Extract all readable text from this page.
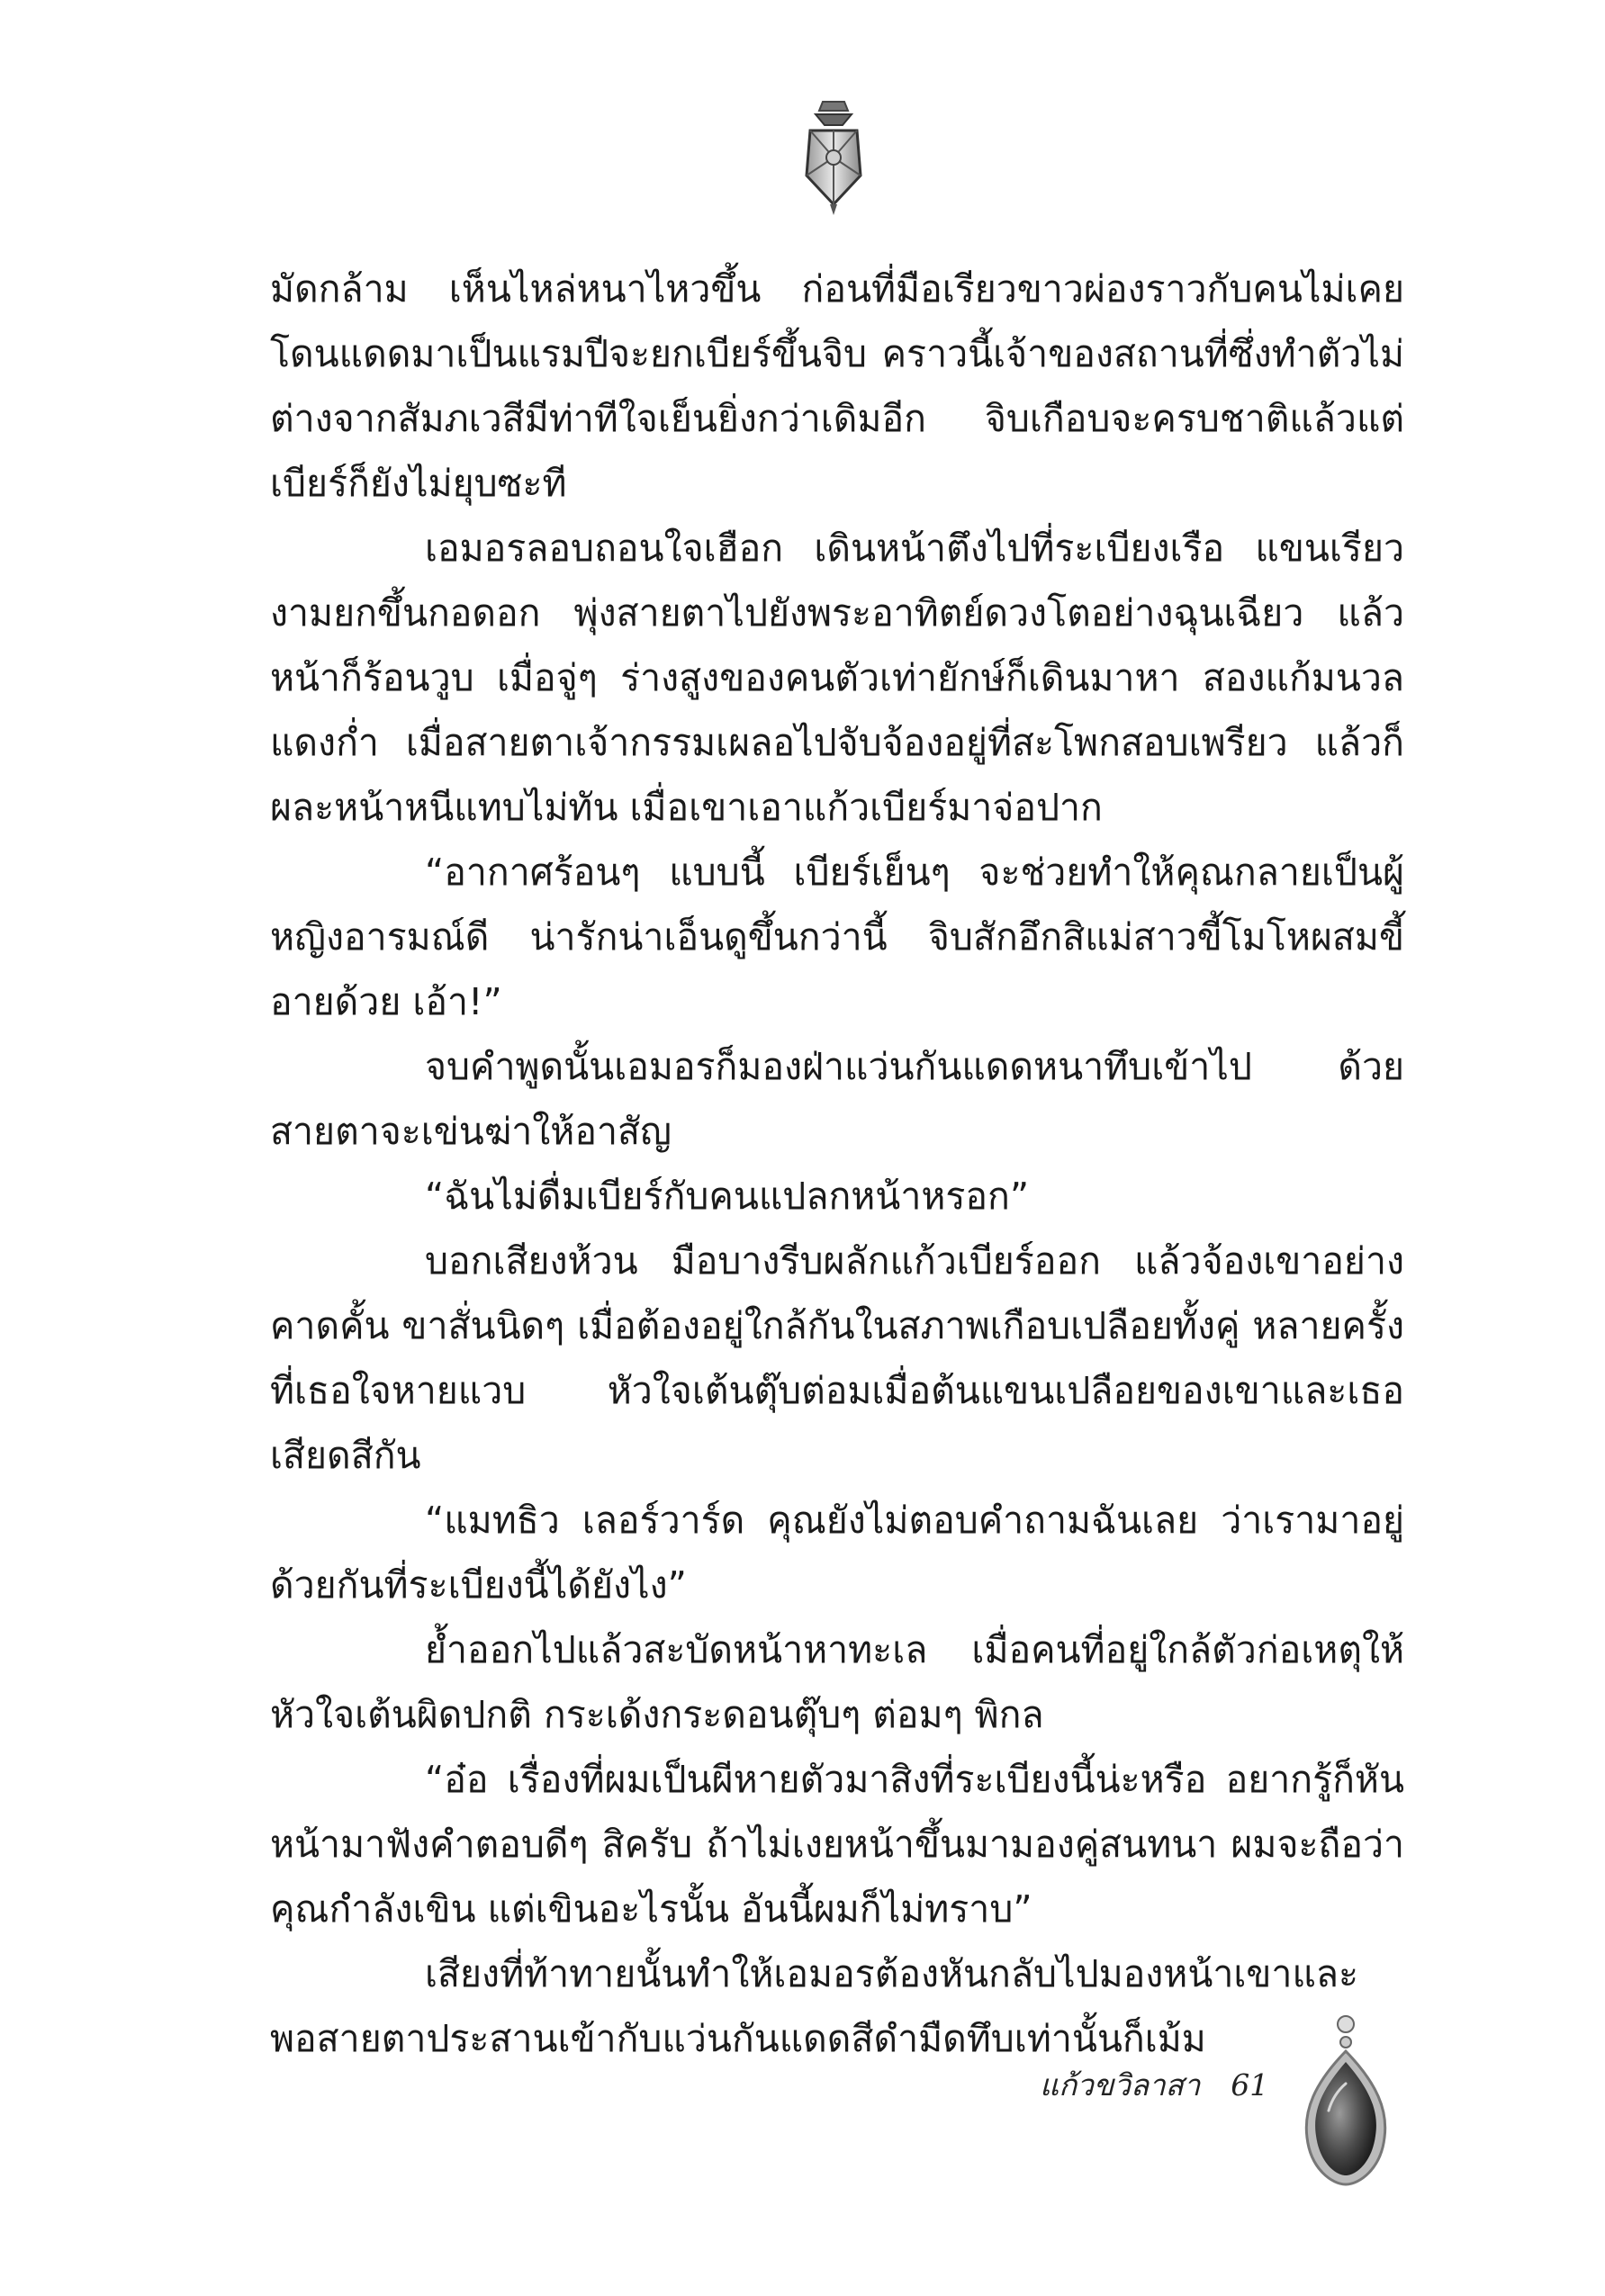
มัดกล้าม เห็นไหล่หนาไหวขึ้น ก่อนที่มือเรียวขาวผ่องราวกับคนไม่เคยโดนแดดมาเป็นแรมปีจะยกเบียร์ขึ้นจิบ คราวนี้เจ้าของสถานที่ซึ่งทำตัวไม่ต่างจากสัมภเวสีมีท่าทีใจเย็นยิ่งกว่าเดิมอีก จิบเกือบจะครบชาติแล้วแต่เบียร์ก็ยังไม่ยุบซะที

เอมอรลอบถอนใจเฮือก เดินหน้าตึงไปที่ระเบียงเรือ แขนเรียวงามยกขึ้นกอดอก พุ่งสายตาไปยังพระอาทิตย์ดวงโตอย่างฉุนเฉียว แล้วหน้าก็ร้อนวูบ เมื่อจู่ๆ ร่างสูงของคนตัวเท่ายักษ์ก็เดินมาหา สองแก้มนวลแดงก่ำ เมื่อสายตาเจ้ากรรมเผลอไปจับจ้องอยู่ที่สะโพกสอบเพรียว แล้วก็ผละหน้าหนีแทบไม่ทัน เมื่อเขาเอาแก้วเบียร์มาจ่อปาก

“อากาศร้อนๆ แบบนี้ เบียร์เย็นๆ จะช่วยทำให้คุณกลายเป็นผู้หญิงอารมณ์ดี น่ารักน่าเอ็นดูขึ้นกว่านี้ จิบสักอึกสิแม่สาวขี้โมโหผสมขี้อายด้วย เอ้า!”

จบคำพูดนั้นเอมอรก็มองฝ่าแว่นกันแดดหนาทึบเข้าไป ด้วยสายตาจะเข่นฆ่าให้อาสัญ

“ฉันไม่ดื่มเบียร์กับคนแปลกหน้าหรอก”

บอกเสียงห้วน มือบางรีบผลักแก้วเบียร์ออก แล้วจ้องเขาอย่างคาดคั้น ขาสั่นนิดๆ เมื่อต้องอยู่ใกล้กันในสภาพเกือบเปลือยทั้งคู่ หลายครั้งที่เธอใจหายแวบ หัวใจเต้นตุ๊บต่อมเมื่อต้นแขนเปลือยของเขาและเธอเสียดสีกัน

“แมทธิว เลอร์วาร์ด คุณยังไม่ตอบคำถามฉันเลย ว่าเรามาอยู่ด้วยกันที่ระเบียงนี้ได้ยังไง”

ย้ำออกไปแล้วสะบัดหน้าหาทะเล เมื่อคนที่อยู่ใกล้ตัวก่อเหตุให้หัวใจเต้นผิดปกติ กระเด้งกระดอนตุ๊บๆ ต่อมๆ พิกล

“อ๋อ เรื่องที่ผมเป็นผีหายตัวมาสิงที่ระเบียงนี้น่ะหรือ อยากรู้ก็หันหน้ามาฟังคำตอบดีๆ สิครับ ถ้าไม่เงยหน้าขึ้นมามองคู่สนทนา ผมจะถือว่าคุณกำลังเขิน แต่เขินอะไรนั้น อันนี้ผมก็ไม่ทราบ”

เสียงที่ท้าทายนั้นทำให้เอมอรต้องหันกลับไปมองหน้าเขาและพอสายตาประสานเข้ากับแว่นกันแดดสีดำมืดทึบเท่านั้นก็เม้ม

แก้วขวิลาสา 61
